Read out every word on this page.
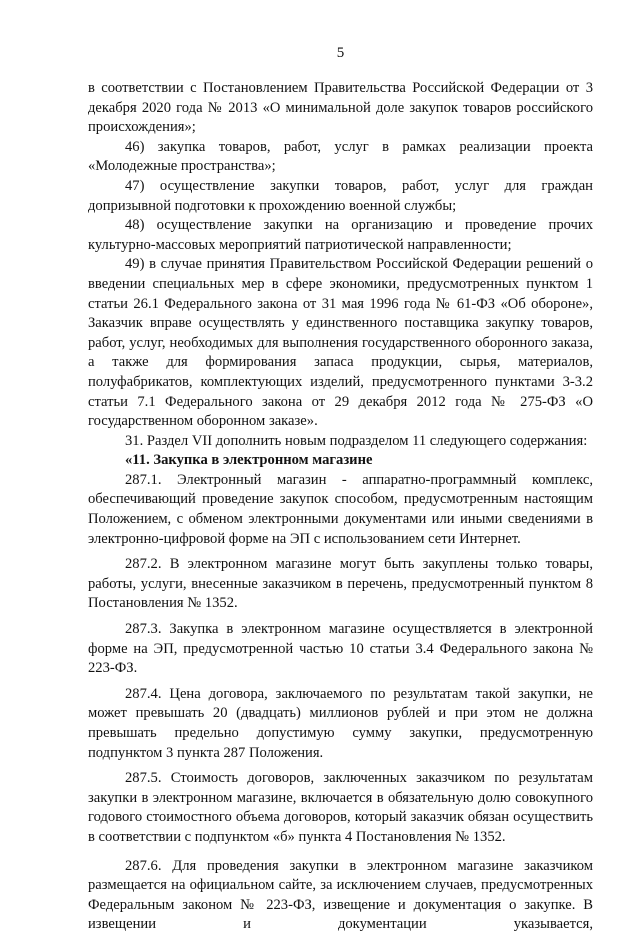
5

в соответствии с Постановлением Правительства Российской Федерации от 3 декабря 2020 года № 2013 «О минимальной доле закупок товаров российского происхождения»;

46) закупка товаров, работ, услуг в рамках реализации проекта «Молодежные пространства»;

47) осуществление закупки товаров, работ, услуг для граждан допризывной подготовки к прохождению военной службы;

48) осуществление закупки на организацию и проведение прочих культурно-массовых мероприятий патриотической направленности;

49) в случае принятия Правительством Российской Федерации решений о введении специальных мер в сфере экономики, предусмотренных пунктом 1 статьи 26.1 Федерального закона от 31 мая 1996 года № 61-ФЗ «Об обороне», Заказчик вправе осуществлять у единственного поставщика закупку товаров, работ, услуг, необходимых для выполнения государственного оборонного заказа, а также для формирования запаса продукции, сырья, материалов, полуфабрикатов, комплектующих изделий, предусмотренного пунктами 3-3.2 статьи 7.1 Федерального закона от 29 декабря 2012 года № 275-ФЗ «О государственном оборонном заказе».

31. Раздел VII дополнить новым подразделом 11 следующего содержания:

«11. Закупка в электронном магазине

287.1. Электронный магазин - аппаратно-программный комплекс, обеспечивающий проведение закупок способом, предусмотренным настоящим Положением, с обменом электронными документами или иными сведениями в электронно-цифровой форме на ЭП с использованием сети Интернет.

287.2. В электронном магазине могут быть закуплены только товары, работы, услуги, внесенные заказчиком в перечень, предусмотренный пунктом 8 Постановления № 1352.

287.3. Закупка в электронном магазине осуществляется в электронной форме на ЭП, предусмотренной частью 10 статьи 3.4 Федерального закона № 223-ФЗ.

287.4. Цена договора, заключаемого по результатам такой закупки, не может превышать 20 (двадцать) миллионов рублей и при этом не должна превышать предельно допустимую сумму закупки, предусмотренную подпунктом 3 пункта 287 Положения.

287.5. Стоимость договоров, заключенных заказчиком по результатам закупки в электронном магазине, включается в обязательную долю совокупного годового стоимостного объема договоров, который заказчик обязан осуществить в соответствии с подпунктом «б» пункта 4 Постановления № 1352.

287.6. Для проведения закупки в электронном магазине заказчиком размещается на официальном сайте, за исключением случаев, предусмотренных Федеральным законом № 223-ФЗ, извещение и документация о закупке. В извещении и документации указывается,
